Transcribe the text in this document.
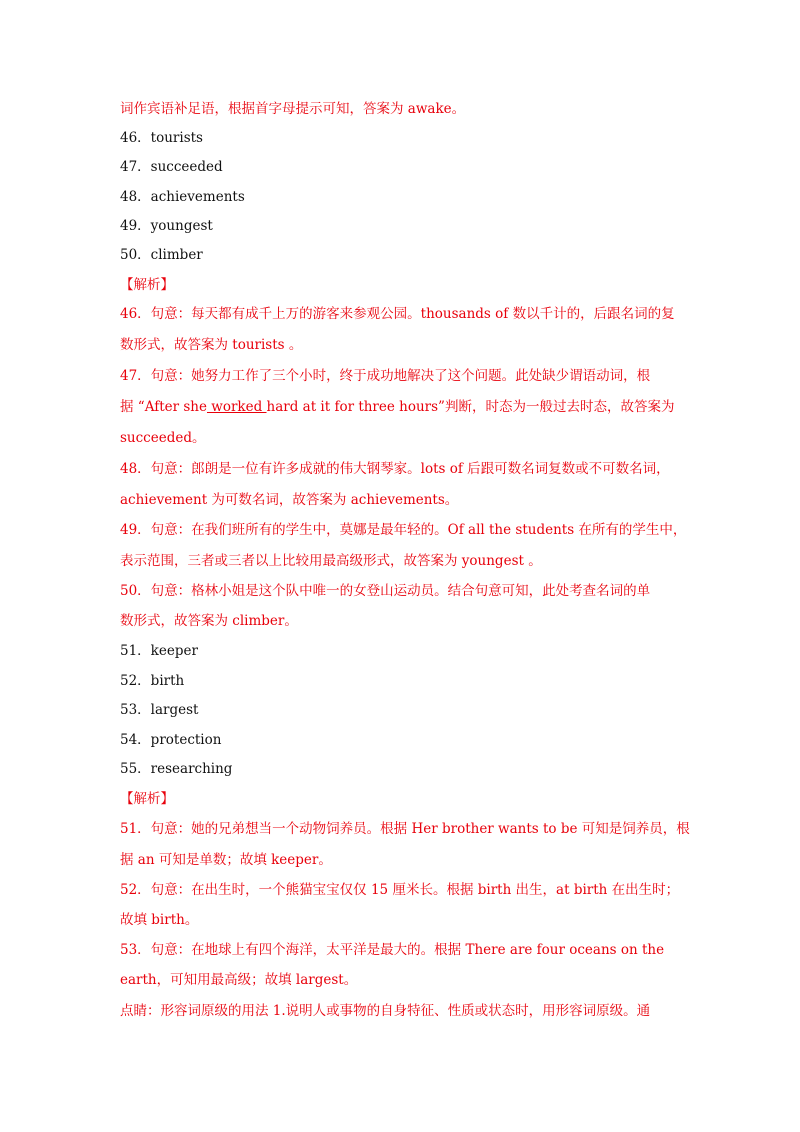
词作宾语补足语，根据首字母提示可知，答案为 awake。
46．tourists
47．succeeded
48．achievements
49．youngest
50．climber
【解析】
46．句意：每天都有成千上万的游客来参观公园。thousands of 数以千计的，后跟名词的复
数形式，故答案为 tourists 。
47．句意：她努力工作了三个小时，终于成功地解决了这个问题。此处缺少谓语动词，根
据 “After she worked hard at it for three hours”判断，时态为一般过去时态，故答案为
succeeded。
48．句意：郎朗是一位有许多成就的伟大钢琴家。lots of 后跟可数名词复数或不可数名词，
achievement 为可数名词，故答案为 achievements。
49．句意：在我们班所有的学生中，莫娜是最年轻的。Of all the students 在所有的学生中，
表示范围，三者或三者以上比较用最高级形式，故答案为 youngest 。
50．句意：格林小姐是这个队中唯一的女登山运动员。结合句意可知，此处考查名词的单
数形式，故答案为 climber。
51．keeper
52．birth
53．largest
54．protection
55．researching
【解析】
51．句意：她的兄弟想当一个动物饲养员。根据 Her brother wants to be 可知是饲养员，根
据 an 可知是单数；故填 keeper。
52．句意：在出生时，一个熊猫宝宝仅仅 15 厘米长。根据 birth 出生，at birth 在出生时；
故填 birth。
53．句意：在地球上有四个海洋，太平洋是最大的。根据 There are four oceans on the
earth，可知用最高级；故填 largest。
点睛：形容词原级的用法 1.说明人或事物的自身特征、性质或状态时，用形容词原级。通
